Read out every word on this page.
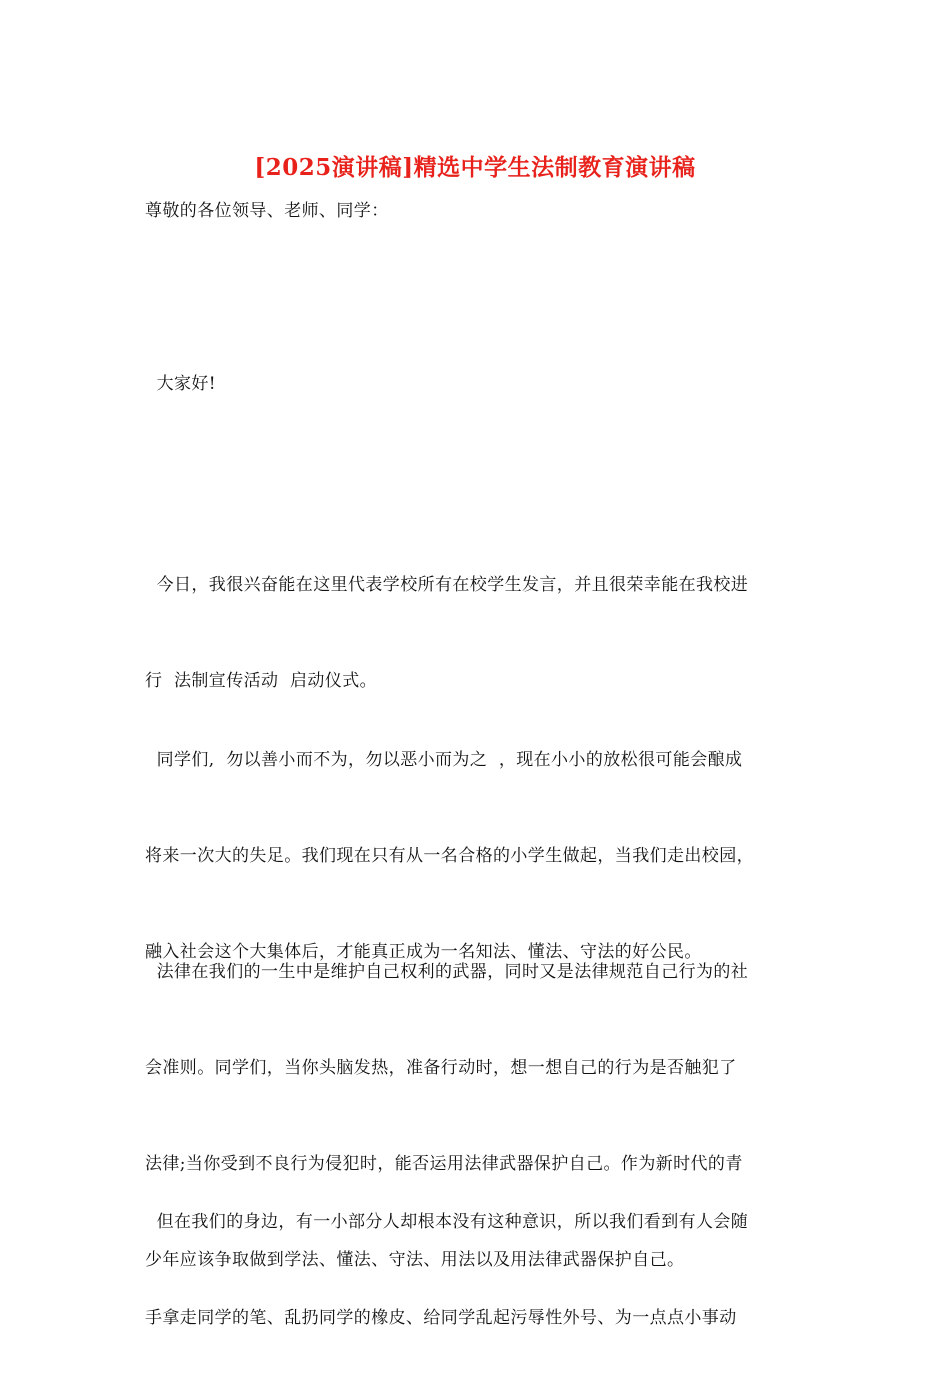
[2025演讲稿]精选中学生法制教育演讲稿
尊敬的各位领导、老师、同学：
大家好!

今日，我很兴奋能在这里代表学校所有在校学生发言，并且很荣幸能在我校进

行  法制宣传活动  启动仪式。

同学们,  勿以善小而不为，勿以恶小而为之  ，现在小小的放松很可能会酿成

将来一次大的失足。我们现在只有从一名合格的小学生做起，当我们走出校园，

融入社会这个大集体后，才能真正成为一名知法、懂法、守法的好公民。

法律在我们的一生中是维护自己权利的武器，同时又是法律规范自己行为的社

会准则。同学们，当你头脑发热，准备行动时，想一想自己的行为是否触犯了

法律;当你受到不良行为侵犯时，能否运用法律武器保护自己。作为新时代的青

少年应该争取做到学法、懂法、守法、用法以及用法律武器保护自己。

但在我们的身边，有一小部分人却根本没有这种意识，所以我们看到有人会随

手拿走同学的笔、乱扔同学的橡皮、给同学乱起污辱性外号、为一点点小事动
